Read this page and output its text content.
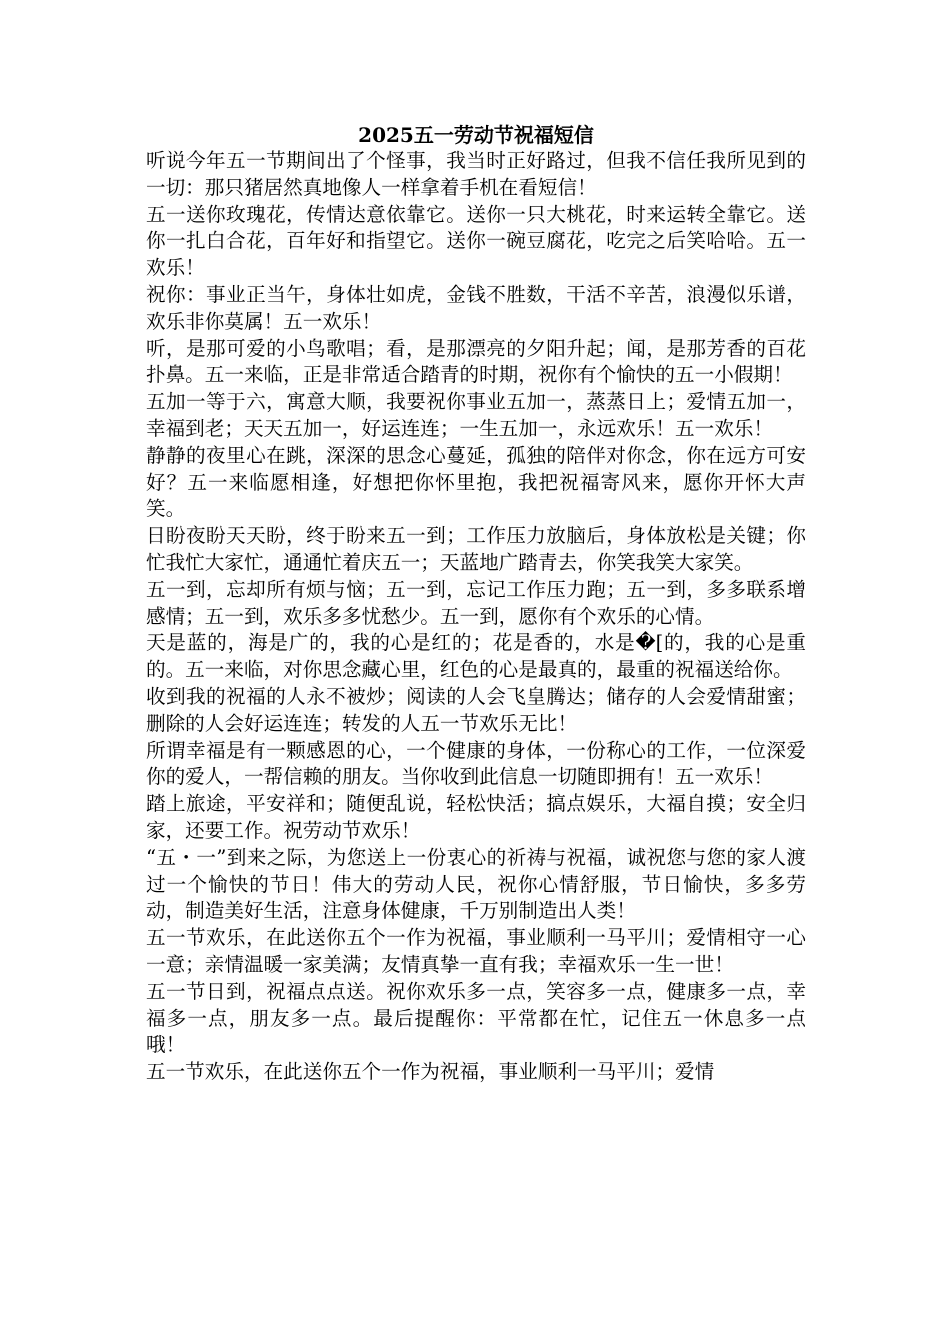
2025五一劳动节祝福短信

听说今年五一节期间出了个怪事，我当时正好路过，但我不信任我所见到的一切：那只猪居然真地像人一样拿着手机在看短信！

五一送你玫瑰花，传情达意依靠它。送你一只大桃花，时来运转全靠它。送你一扎白合花，百年好和指望它。送你一碗豆腐花，吃完之后笑哈哈。五一欢乐！

祝你：事业正当午，身体壮如虎，金钱不胜数，干活不辛苦，浪漫似乐谱，欢乐非你莫属！五一欢乐！

听，是那可爱的小鸟歌唱；看，是那漂亮的夕阳升起；闻，是那芳香的百花扑鼻。五一来临，正是非常适合踏青的时期，祝你有个愉快的五一小假期！

五加一等于六，寓意大顺，我要祝你事业五加一，蒸蒸日上；爱情五加一，幸福到老；天天五加一，好运连连；一生五加一，永远欢乐！五一欢乐！

静静的夜里心在跳，深深的思念心蔓延，孤独的陪伴对你念，你在远方可安好？五一来临愿相逢，好想把你怀里抱，我把祝福寄风来，愿你开怀大声笑。

日盼夜盼天天盼，终于盼来五一到；工作压力放脑后，身体放松是关键；你忙我忙大家忙，通通忙着庆五一；天蓝地广踏青去，你笑我笑大家笑。

五一到，忘却所有烦与恼；五一到，忘记工作压力跑；五一到，多多联系增感情；五一到，欢乐多多忧愁少。五一到，愿你有个欢乐的心情。

天是蓝的，海是广的，我的心是红的；花是香的，水是�[的，我的心是重的。五一来临，对你思念藏心里，红色的心是最真的，最重的祝福送给你。

收到我的祝福的人永不被炒；阅读的人会飞皇腾达；储存的人会爱情甜蜜；删除的人会好运连连；转发的人五一节欢乐无比！

所谓幸福是有一颗感恩的心，一个健康的身体，一份称心的工作，一位深爱你的爱人，一帮信赖的朋友。当你收到此信息一切随即拥有！五一欢乐！

踏上旅途，平安祥和；随便乱说，轻松快活；搞点娱乐，大福自摸；安全归家，还要工作。祝劳动节欢乐！

“五・一”到来之际，为您送上一份衷心的祈祷与祝福，诚祝您与您的家人渡过一个愉快的节日！伟大的劳动人民，祝你心情舒服，节日愉快，多多劳动，制造美好生活，注意身体健康，千万别制造出人类！

五一节欢乐，在此送你五个一作为祝福，事业顺利一马平川；爱情相守一心一意；亲情温暖一家美满；友情真挚一直有我；幸福欢乐一生一世！

五一节日到，祝福点点送。祝你欢乐多一点，笑容多一点，健康多一点，幸福多一点，朋友多一点。最后提醒你：平常都在忙，记住五一休息多一点哦！

五一节欢乐，在此送你五个一作为祝福，事业顺利一马平川；爱情
